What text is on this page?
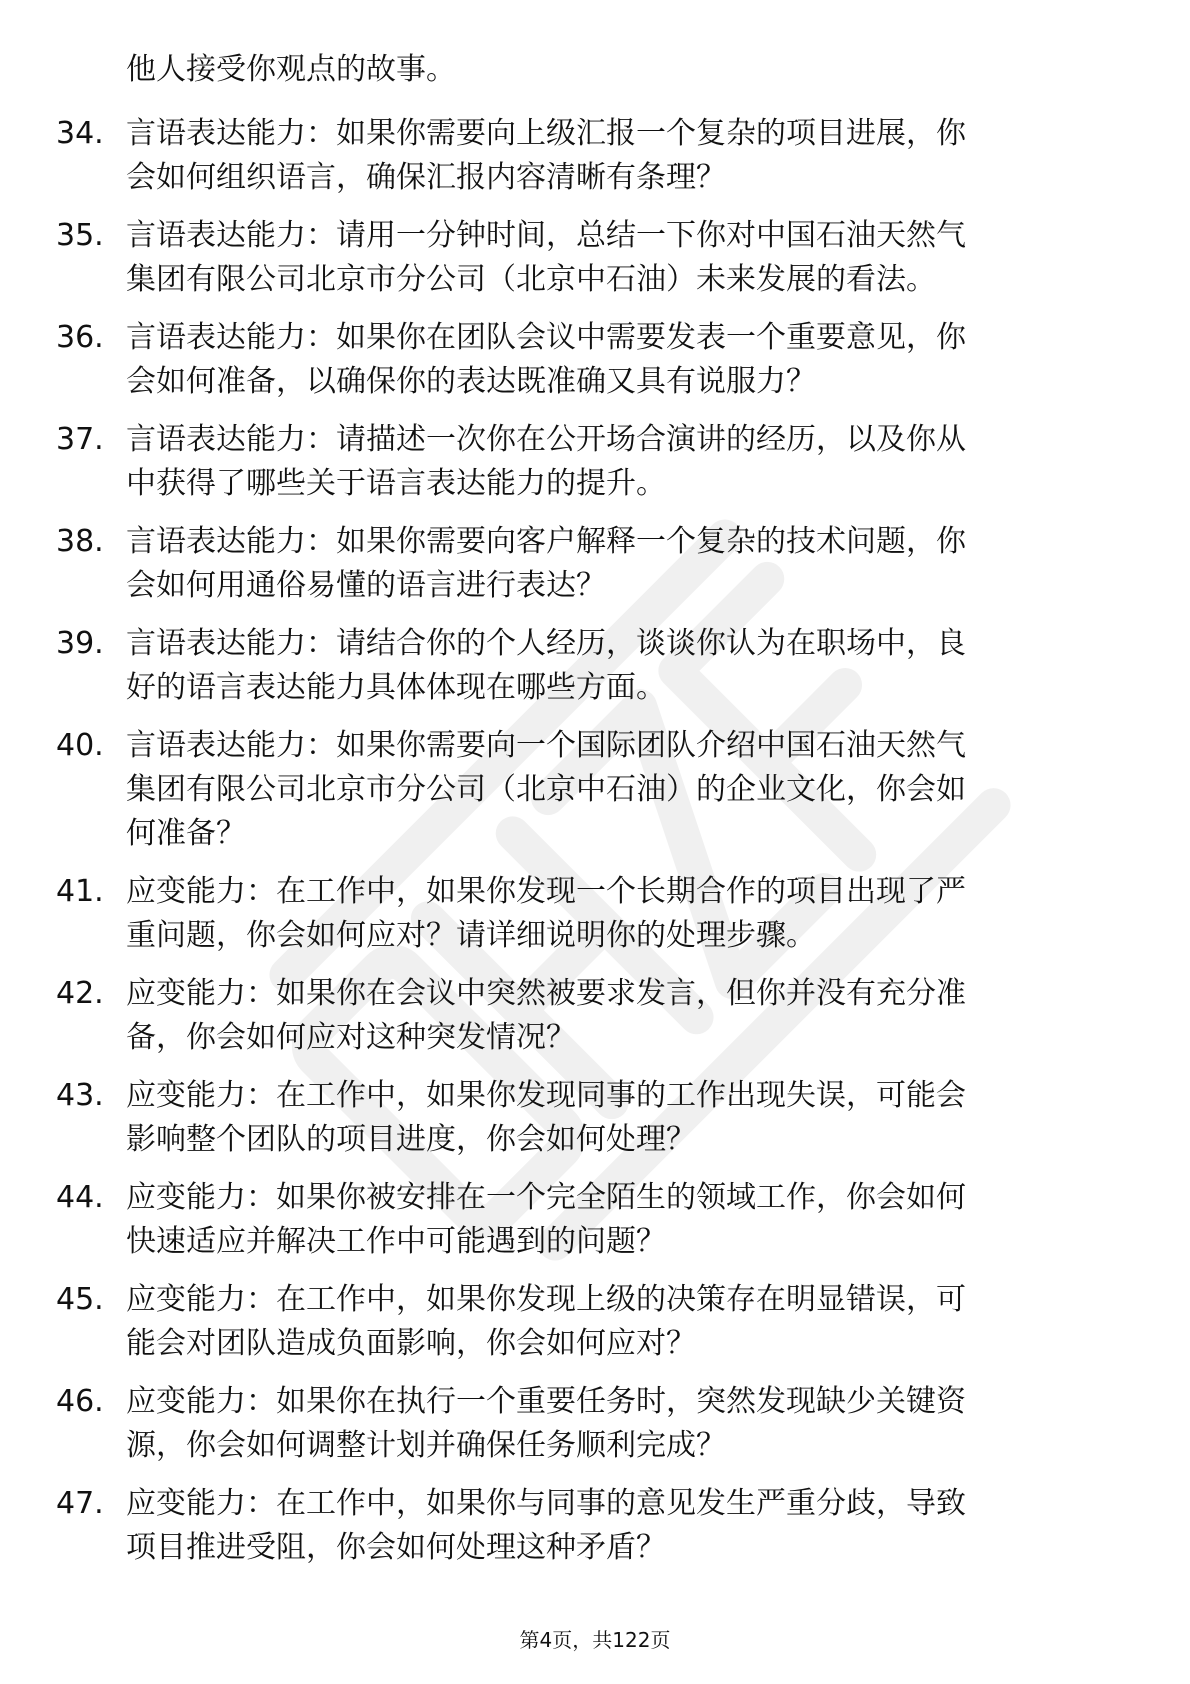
他人接受你观点的故事。
34. 言语表达能力：如果你需要向上级汇报一个复杂的项目进展，你
会如何组织语言，确保汇报内容清晰有条理？
35. 言语表达能力：请用一分钟时间，总结一下你对中国石油天然气
集团有限公司北京市分公司（北京中石油）未来发展的看法。
36. 言语表达能力：如果你在团队会议中需要发表一个重要意见，你
会如何准备，以确保你的表达既准确又具有说服力？
37. 言语表达能力：请描述一次你在公开场合演讲的经历，以及你从
中获得了哪些关于语言表达能力的提升。
38. 言语表达能力：如果你需要向客户解释一个复杂的技术问题，你
会如何用通俗易懂的语言进行表达？
39. 言语表达能力：请结合你的个人经历，谈谈你认为在职场中，良
好的语言表达能力具体体现在哪些方面。
40. 言语表达能力：如果你需要向一个国际团队介绍中国石油天然气
集团有限公司北京市分公司（北京中石油）的企业文化，你会如
何准备？
41. 应变能力：在工作中，如果你发现一个长期合作的项目出现了严
重问题，你会如何应对？请详细说明你的处理步骤。
42. 应变能力：如果你在会议中突然被要求发言，但你并没有充分准
备，你会如何应对这种突发情况？
43. 应变能力：在工作中，如果你发现同事的工作出现失误，可能会
影响整个团队的项目进度，你会如何处理？
44. 应变能力：如果你被安排在一个完全陌生的领域工作，你会如何
快速适应并解决工作中可能遇到的问题？
45. 应变能力：在工作中，如果你发现上级的决策存在明显错误，可
能会对团队造成负面影响，你会如何应对？
46. 应变能力：如果你在执行一个重要任务时，突然发现缺少关键资
源，你会如何调整计划并确保任务顺利完成？
47. 应变能力：在工作中，如果你与同事的意见发生严重分歧，导致
项目推进受阻，你会如何处理这种矛盾？
第4页，共122页
